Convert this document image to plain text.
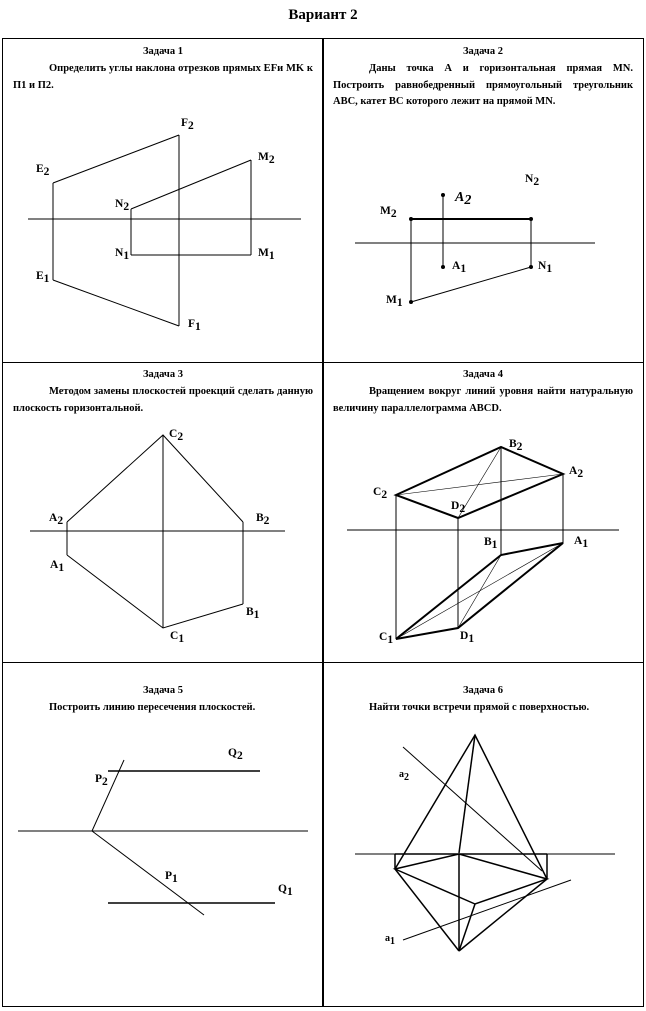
Вариант 2
Задача 1
Определить углы наклона отрезков прямых EFи MK к П1 и П2.
E2
F2
M2
N2
N1	M1
E1
F1
Задача 2
Даны точка А и горизонтальная прямая MN. Построить равнобедренный прямоугольный треугольник ABC, катет BC которого лежит на прямой MN.
A2
N2
M2
A1	N1
M1
Задача 3
Методом замены плоскостей проекций сделать данную плоскость горизонтальной.
C2
A2	B2
A1
B1
C1
Задача 4
Вращением вокруг линий уровня найти натуральную величину параллелограмма ABCD.
B2
A2
C2
D2
B1	A1
C1	D1
Задача 5
Построить линию пересечения плоскостей.
Q2
P2
P1
Q1
Задача 6
Найти точки встречи прямой с поверхностью.
a2
a1
